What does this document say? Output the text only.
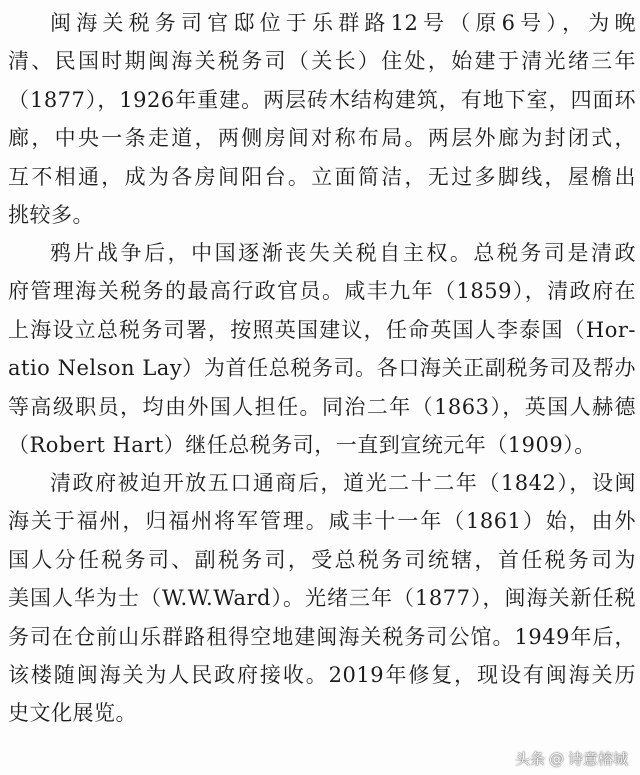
闽海关税务司官邸位于乐群路12号（原6号），为晚
清、民国时期闽海关税务司（关长）住处，始建于清光绪三年
（1877），1926年重建。两层砖木结构建筑，有地下室，四面环
廊，中央一条走道，两侧房间对称布局。两层外廊为封闭式，
互不相通，成为各房间阳台。立面简洁，无过多脚线，屋檐出
挑较多。
鸦片战争后，中国逐渐丧失关税自主权。总税务司是清政
府管理海关税务的最高行政官员。咸丰九年（1859），清政府在
上海设立总税务司署，按照英国建议，任命英国人李泰国（Hor-
atio Nelson Lay）为首任总税务司。各口海关正副税务司及帮办
等高级职员，均由外国人担任。同治二年（1863），英国人赫德
（Robert Hart）继任总税务司，一直到宣统元年（1909）。
清政府被迫开放五口通商后，道光二十二年（1842），设闽
海关于福州，归福州将军管理。咸丰十一年（1861）始，由外
国人分任税务司、副税务司，受总税务司统辖，首任税务司为
美国人华为士（W.W.Ward）。光绪三年（1877），闽海关新任税
务司在仓前山乐群路租得空地建闽海关税务司公馆。1949年后，
该楼随闽海关为人民政府接收。2019年修复，现设有闽海关历
史文化展览。
头条 @ 诗意榕城
